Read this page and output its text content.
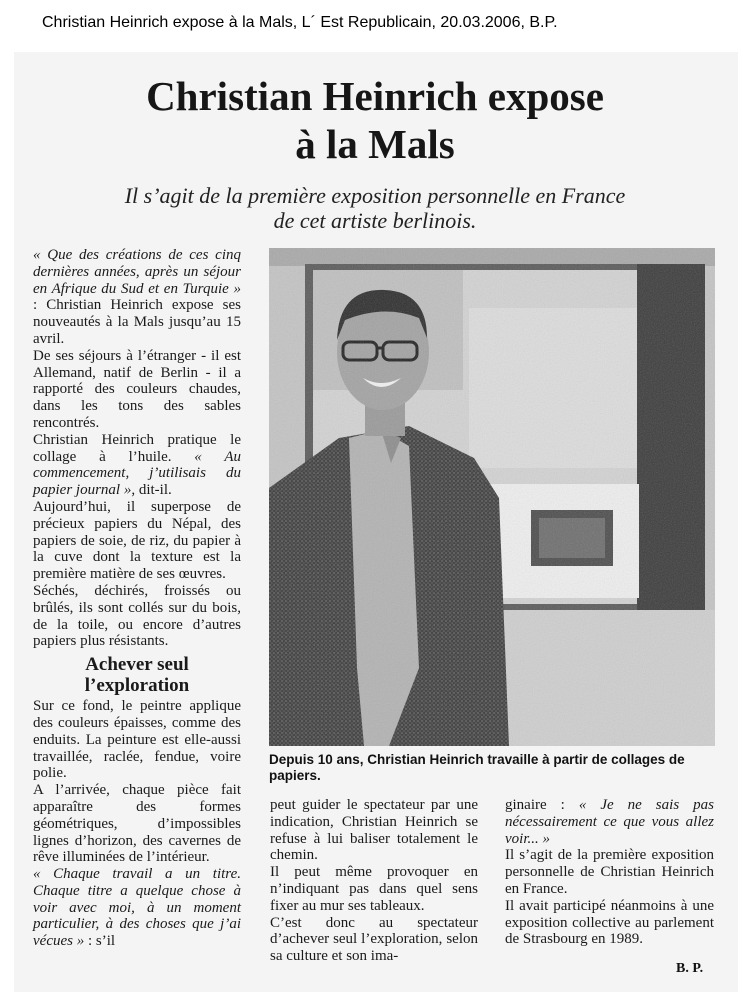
Christian Heinrich expose à la Mals, L´ Est Republicain, 20.03.2006, B.P.
Christian Heinrich expose
à la Mals

Il s’agit de la première exposition personnelle en France
de cet artiste berlinois.

« Que des créations de ces cinq dernières années, après un séjour en Afrique du Sud et en Turquie » : Christian Heinrich expose ses nouveautés à la Mals jusqu’au 15 avril.

De ses séjours à l’étranger - il est Allemand, natif de Berlin - il a rapporté des couleurs chaudes, dans les tons des sables rencontrés.

Christian Heinrich pratique le collage à l’huile. « Au commencement, j’utilisais du papier journal », dit-il.

Aujourd’hui, il superpose de précieux papiers du Népal, des papiers de soie, de riz, du papier à la cuve dont la texture est la première matière de ses œuvres.

Séchés, déchirés, froissés ou brûlés, ils sont collés sur du bois, de la toile, ou encore d’autres papiers plus résistants.

Achever seul
l’exploration

Sur ce fond, le peintre applique des couleurs épaisses, comme des enduits. La peinture est elle-aussi travaillée, raclée, fendue, voire polie.

A l’arrivée, chaque pièce fait apparaître des formes géométriques, d’impossibles lignes d’horizon, des cavernes de rêve illuminées de l’intérieur.

« Chaque travail a un titre. Chaque titre a quelque chose à voir avec moi, à un moment particulier, à des choses que j’ai vécues » : s’il

Depuis 10 ans, Christian Heinrich travaille à partir de collages de papiers.

peut guider le spectateur par une indication, Christian Heinrich se refuse à lui baliser totalement le chemin.

Il peut même provoquer en n’indiquant pas dans quel sens fixer au mur ses tableaux.

C’est donc au spectateur d’achever seul l’exploration, selon sa culture et son ima-

ginaire : « Je ne sais pas nécessairement ce que vous allez voir... »

Il s’agit de la première exposition personnelle de Christian Heinrich en France.

Il avait participé néanmoins à une exposition collective au parlement de Strasbourg en 1989.

B. P.
